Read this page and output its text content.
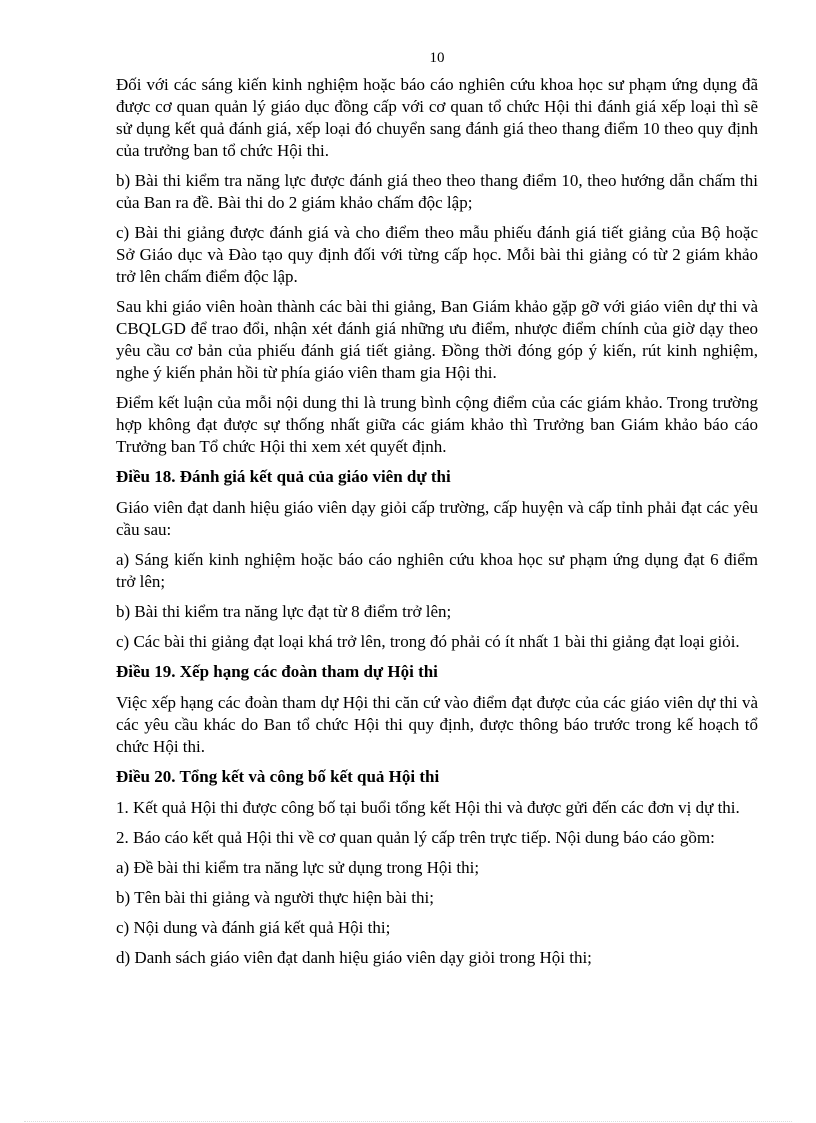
10

Đối với các sáng kiến kinh nghiệm hoặc báo cáo nghiên cứu khoa học sư phạm ứng dụng đã được cơ quan quản lý giáo dục đồng cấp với cơ quan tổ chức Hội thi đánh giá xếp loại thì sẽ sử dụng kết quả đánh giá, xếp loại đó chuyển sang đánh giá theo thang điểm 10 theo quy định của trưởng ban tổ chức Hội thi.

b) Bài thi kiểm tra năng lực được đánh giá theo theo thang điểm 10, theo hướng dẫn chấm thi của Ban ra đề. Bài thi do 2 giám khảo chấm độc lập;

c) Bài thi giảng được đánh giá và cho điểm theo mẫu phiếu đánh giá tiết giảng của Bộ hoặc Sở Giáo dục và Đào tạo quy định đối với từng cấp học. Mỗi bài thi giảng có từ 2 giám khảo trở lên chấm điểm độc lập.

Sau khi giáo viên hoàn thành các bài thi giảng, Ban Giám khảo gặp gỡ với giáo viên dự thi và CBQLGD để trao đổi, nhận xét đánh giá những ưu điểm, nhược điểm chính của giờ dạy theo yêu cầu cơ bản của phiếu đánh giá tiết giảng. Đồng thời đóng góp ý kiến, rút kinh nghiệm, nghe ý kiến phản hồi từ phía giáo viên tham gia Hội thi.

Điểm kết luận của mỗi nội dung thi là trung bình cộng điểm của các giám khảo. Trong trường hợp không đạt được sự thống nhất giữa các giám khảo thì Trưởng ban Giám khảo báo cáo Trưởng ban Tổ chức Hội thi xem xét quyết định.

Điều 18. Đánh giá kết quả của giáo viên dự thi

Giáo viên đạt danh hiệu giáo viên dạy giỏi cấp trường, cấp huyện và cấp tỉnh phải đạt các yêu cầu sau:

a) Sáng kiến kinh nghiệm hoặc báo cáo nghiên cứu khoa học sư phạm ứng dụng đạt 6 điểm trở lên;

b) Bài thi kiểm tra năng lực đạt từ 8 điểm trở lên;

c) Các bài thi giảng đạt loại khá trở lên, trong đó phải có ít nhất 1 bài thi giảng đạt loại giỏi.

Điều 19. Xếp hạng các đoàn tham dự Hội thi

Việc xếp hạng các đoàn tham dự Hội thi căn cứ vào điểm đạt được của các giáo viên dự thi và các yêu cầu khác do Ban tổ chức Hội thi quy định, được thông báo trước trong kế hoạch tổ chức Hội thi.

Điều 20. Tổng kết và công bố kết quả Hội thi

1. Kết quả Hội thi được công bố tại buổi tổng kết Hội thi và được gửi đến các đơn vị dự thi.

2. Báo cáo kết quả Hội thi về cơ quan quản lý cấp trên trực tiếp. Nội dung báo cáo gồm:

a) Đề bài thi kiểm tra năng lực sử dụng trong Hội thi;

b) Tên bài thi giảng và người thực hiện bài thi;

c) Nội dung và đánh giá kết quả Hội thi;

d) Danh sách giáo viên đạt danh hiệu giáo viên dạy giỏi trong Hội thi;
